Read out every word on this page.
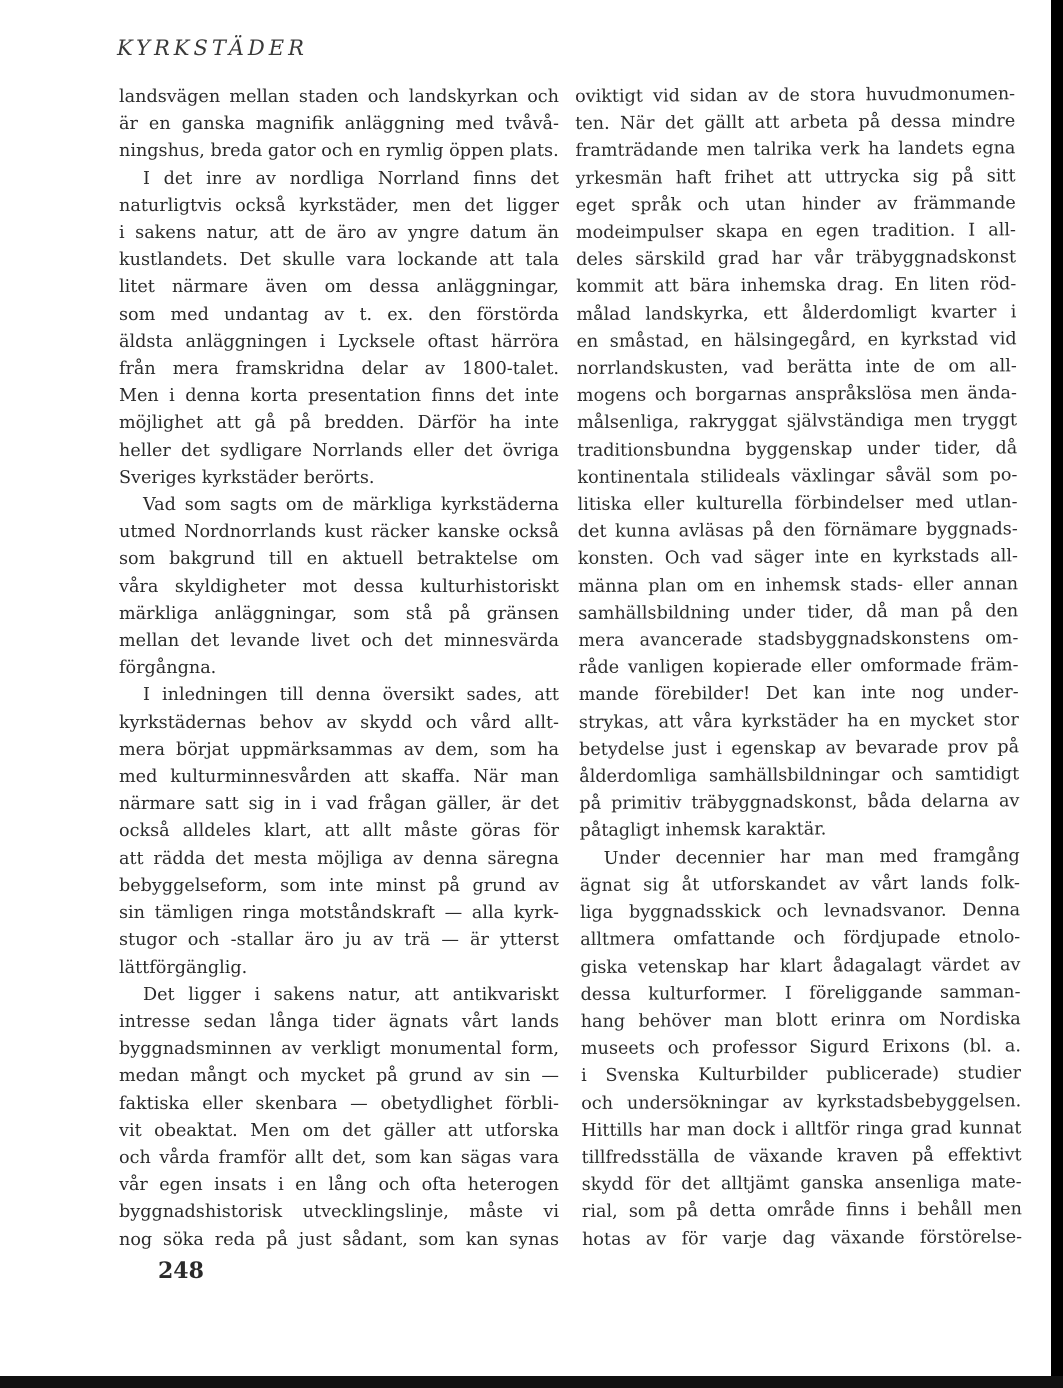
KYRKSTÄDER
landsvägen mellan staden och landskyrkan och
är en ganska magnifik anläggning med tvåvå-
ningshus, breda gator och en rymlig öppen plats.
I det inre av nordliga Norrland finns det
naturligtvis också kyrkstäder, men det ligger
i sakens natur, att de äro av yngre datum än
kustlandets. Det skulle vara lockande att tala
litet närmare även om dessa anläggningar,
som med undantag av t. ex. den förstörda
äldsta anläggningen i Lycksele oftast härröra
från mera framskridna delar av 1800-talet.
Men i denna korta presentation finns det inte
möjlighet att gå på bredden. Därför ha inte
heller det sydligare Norrlands eller det övriga
Sveriges kyrkstäder berörts.
Vad som sagts om de märkliga kyrkstäderna
utmed Nordnorrlands kust räcker kanske också
som bakgrund till en aktuell betraktelse om
våra skyldigheter mot dessa kulturhistoriskt
märkliga anläggningar, som stå på gränsen
mellan det levande livet och det minnesvärda
förgångna.
I inledningen till denna översikt sades, att
kyrkstädernas behov av skydd och vård allt-
mera börjat uppmärksammas av dem, som ha
med kulturminnesvården att skaffa. När man
närmare satt sig in i vad frågan gäller, är det
också alldeles klart, att allt måste göras för
att rädda det mesta möjliga av denna säregna
bebyggelseform, som inte minst på grund av
sin tämligen ringa motståndskraft — alla kyrk-
stugor och -stallar äro ju av trä — är ytterst
lättförgänglig.
Det ligger i sakens natur, att antikvariskt
intresse sedan långa tider ägnats vårt lands
byggnadsminnen av verkligt monumental form,
medan mångt och mycket på grund av sin —
faktiska eller skenbara — obetydlighet förbli-
vit obeaktat. Men om det gäller att utforska
och vårda framför allt det, som kan sägas vara
vår egen insats i en lång och ofta heterogen
byggnadshistorisk utvecklingslinje, måste vi
nog söka reda på just sådant, som kan synas
oviktigt vid sidan av de stora huvudmonumen-
ten. När det gällt att arbeta på dessa mindre
framträdande men talrika verk ha landets egna
yrkesmän haft frihet att uttrycka sig på sitt
eget språk och utan hinder av främmande
modeimpulser skapa en egen tradition. I all-
deles särskild grad har vår träbyggnadskonst
kommit att bära inhemska drag. En liten röd-
målad landskyrka, ett ålderdomligt kvarter i
en småstad, en hälsingegård, en kyrkstad vid
norrlandskusten, vad berätta inte de om all-
mogens och borgarnas anspråkslösa men ända-
målsenliga, rakryggat självständiga men tryggt
traditionsbundna byggenskap under tider, då
kontinentala stilideals växlingar såväl som po-
litiska eller kulturella förbindelser med utlan-
det kunna avläsas på den förnämare byggnads-
konsten. Och vad säger inte en kyrkstads all-
männa plan om en inhemsk stads- eller annan
samhällsbildning under tider, då man på den
mera avancerade stadsbyggnadskonstens om-
råde vanligen kopierade eller omformade främ-
mande förebilder! Det kan inte nog under-
strykas, att våra kyrkstäder ha en mycket stor
betydelse just i egenskap av bevarade prov på
ålderdomliga samhällsbildningar och samtidigt
på primitiv träbyggnadskonst, båda delarna av
påtagligt inhemsk karaktär.
Under decennier har man med framgång
ägnat sig åt utforskandet av vårt lands folk-
liga byggnadsskick och levnadsvanor. Denna
alltmera omfattande och fördjupade etnolo-
giska vetenskap har klart ådagalagt värdet av
dessa kulturformer. I föreliggande samman-
hang behöver man blott erinra om Nordiska
museets och professor Sigurd Erixons (bl. a.
i Svenska Kulturbilder publicerade) studier
och undersökningar av kyrkstadsbebyggelsen.
Hittills har man dock i alltför ringa grad kunnat
tillfredsställa de växande kraven på effektivt
skydd för det alltjämt ganska ansenliga mate-
rial, som på detta område finns i behåll men
hotas av för varje dag växande förstörelse-
248
